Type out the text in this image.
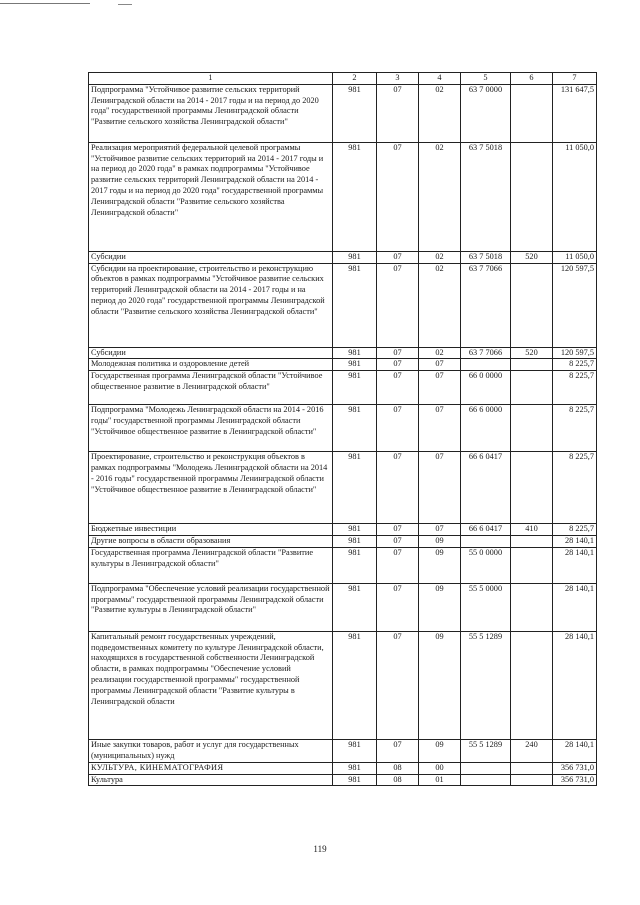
1	2	3	4	5	6	7
Подпрограмма "Устойчивое развитие сельских территорий Ленинградской области на 2014 - 2017 годы и на период до 2020 года" государственной программы Ленинградской области "Развитие сельского хозяйства Ленинградской области"	981	07	02	63 7 0000		131 647,5
Реализация мероприятий федеральной целевой программы "Устойчивое развитие сельских территорий на 2014 - 2017 годы и на период до 2020 года" в рамках подпрограммы "Устойчивое развитие сельских территорий Ленинградской области на 2014 - 2017 годы и на период до 2020 года" государственной программы Ленинградской области "Развитие сельского хозяйства Ленинградской области"	981	07	02	63 7 5018		11 050,0
Субсидии	981	07	02	63 7 5018	520	11 050,0
Субсидии на проектирование, строительство и реконструкцию объектов в рамках подпрограммы "Устойчивое развитие сельских территорий Ленинградской области на 2014 - 2017 годы и на период до 2020 года" государственной программы Ленинградской области "Развитие сельского хозяйства Ленинградской области"	981	07	02	63 7 7066		120 597,5
Субсидии	981	07	02	63 7 7066	520	120 597,5
Молодежная политика и оздоровление детей	981	07	07			8 225,7
Государственная программа Ленинградской области "Устойчивое общественное развитие в Ленинградской области"	981	07	07	66 0 0000		8 225,7
Подпрограмма "Молодежь Ленинградской области на 2014 - 2016 годы" государственной программы Ленинградской области "Устойчивое общественное развитие в Ленинградской области"	981	07	07	66 6 0000		8 225,7
Проектирование, строительство и реконструкция объектов в рамках подпрограммы "Молодежь Ленинградской области на 2014 - 2016 годы" государственной программы Ленинградской области "Устойчивое общественное развитие в Ленинградской области"	981	07	07	66 6 0417		8 225,7
Бюджетные инвестиции	981	07	07	66 6 0417	410	8 225,7
Другие вопросы в области образования	981	07	09			28 140,1
Государственная программа Ленинградской области "Развитие культуры в Ленинградской области"	981	07	09	55 0 0000		28 140,1
Подпрограмма "Обеспечение условий реализации государственной программы" государственной программы Ленинградской области "Развитие культуры в Ленинградской области"	981	07	09	55 5 0000		28 140,1
Капитальный ремонт государственных учреждений, подведомственных комитету по культуре Ленинградской области, находящихся в государственной собственности Ленинградской области, в рамках подпрограммы "Обеспечение условий реализации государственной программы" государственной программы Ленинградской области "Развитие культуры в Ленинградской области	981	07	09	55 5 1289		28 140,1
Иные закупки товаров, работ и услуг для государственных (муниципальных) нужд	981	07	09	55 5 1289	240	28 140,1
КУЛЬТУРА, КИНЕМАТОГРАФИЯ	981	08	00			356 731,0
Культура	981	08	01			356 731,0
119
